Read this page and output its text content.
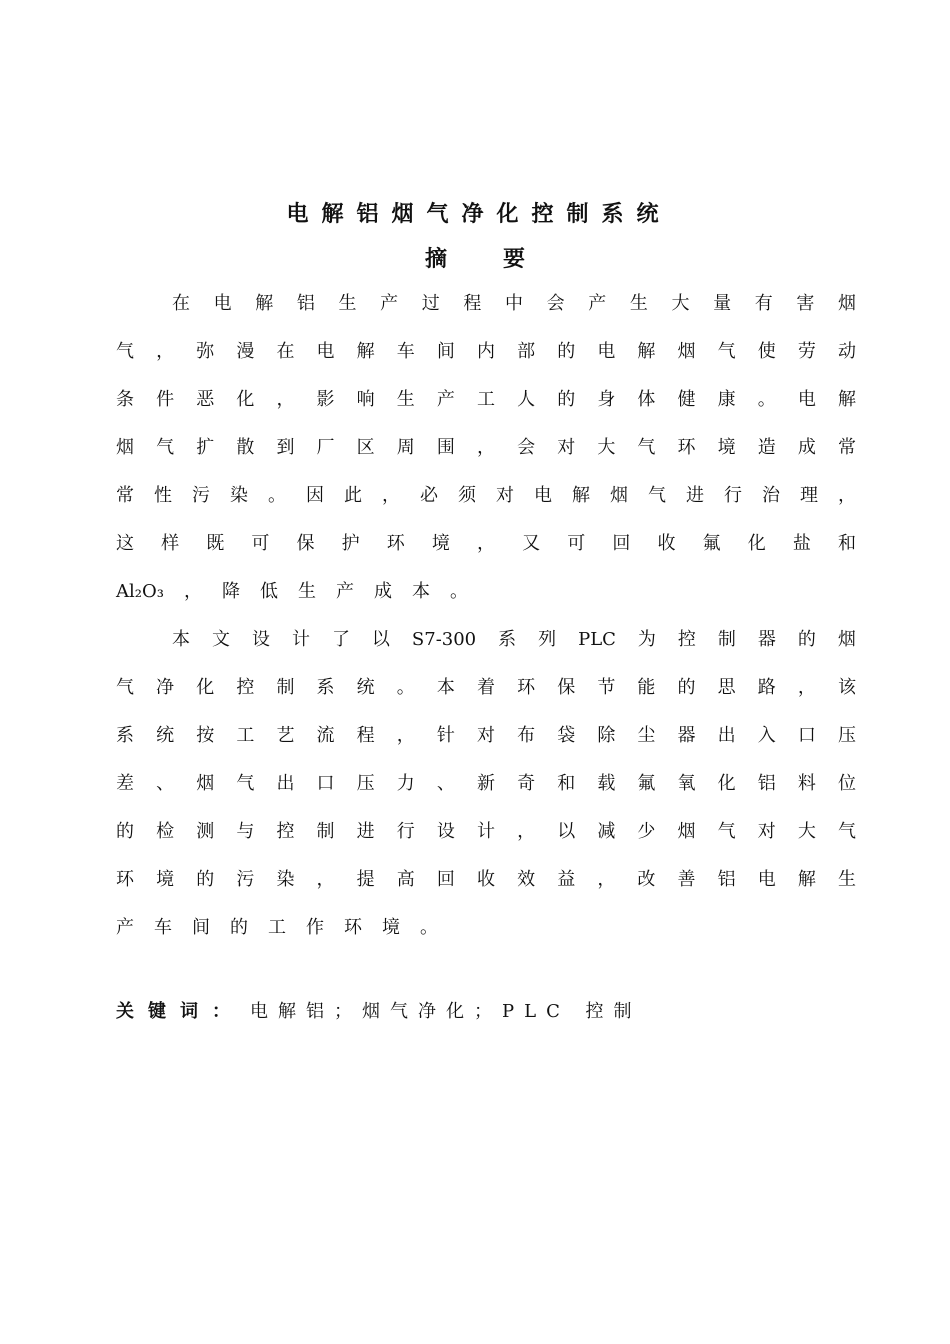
电解铝烟气净化控制系统
摘	要
在 电 解 铝 生 产 过 程 中 会 产 生 大 量 有 害 烟
气 ， 弥 漫 在 电 解 车 间 内 部 的 电 解 烟 气 使 劳 动
条 件 恶 化 ， 影 响 生 产 工 人 的 身 体 健 康 。 电 解
烟 气 扩 散 到 厂 区 周 围 ， 会 对 大 气 环 境 造 成 常
常 性 污 染 。 因 此 ， 必 须 对 电 解 烟 气 进 行 治 理 ，
这 样 既 可 保 护 环 境 ， 又 可 回 收 氟 化 盐 和
Al₂O₃ ， 降 低 生 产 成 本 。
本 文 设 计 了 以 S7-300 系 列 PLC 为 控 制 器 的 烟
气 净 化 控 制 系 统 。 本 着 环 保 节 能 的 思 路 ， 该
系 统 按 工 艺 流 程 ， 针 对 布 袋 除 尘 器 出 入 口 压
差 、 烟 气 出 口 压 力 、 新 奇 和 载 氟 氧 化 铝 料 位
的 检 测 与 控 制 进 行 设 计 ， 以 减 少 烟 气 对 大 气
环 境 的 污 染 ， 提 高 回 收 效 益 ， 改 善 铝 电 解 生
产 车 间 的 工 作 环 境 。
关键词： 电解铝；烟气净化；PLC 控制
